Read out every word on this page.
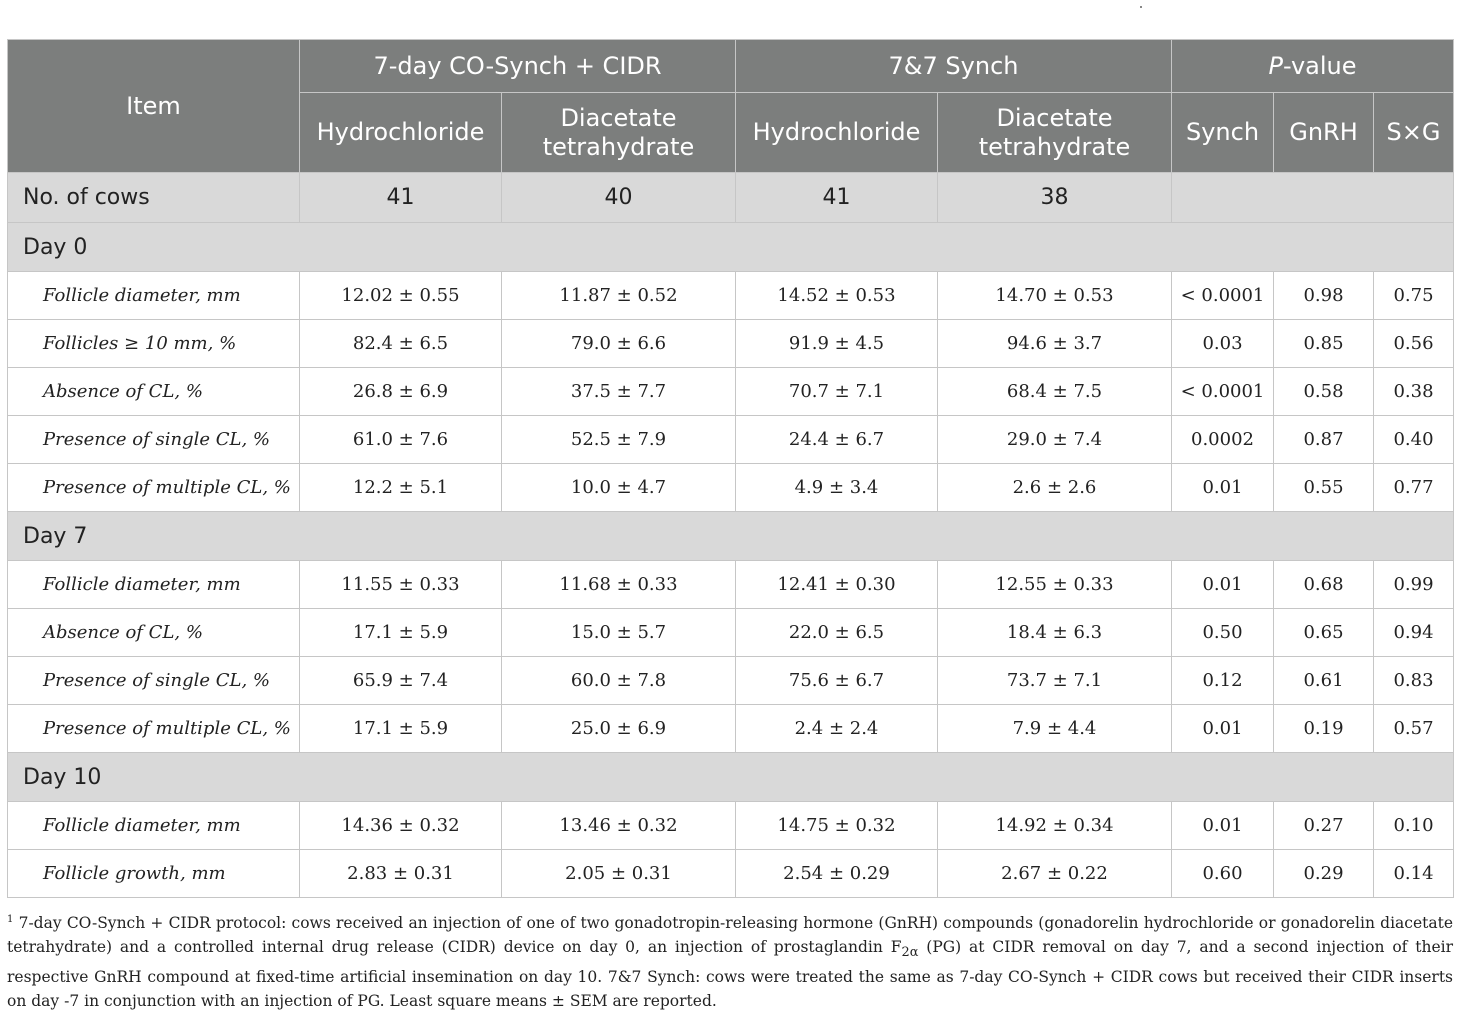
Item	7-day CO-Synch + CIDR		7&7 Synch		P-value		
	Hydrochloride	Diacetate tetrahydrate	Hydrochloride	Diacetate tetrahydrate	Synch	GnRH	S×G
No. of cows	41	40	41	38			
Day 0							
Follicle diameter, mm	12.02 ± 0.55	11.87 ± 0.52	14.52 ± 0.53	14.70 ± 0.53	< 0.0001	0.98	0.75
Follicles ≥ 10 mm, %	82.4 ± 6.5	79.0 ± 6.6	91.9 ± 4.5	94.6 ± 3.7	0.03	0.85	0.56
Absence of CL, %	26.8 ± 6.9	37.5 ± 7.7	70.7 ± 7.1	68.4 ± 7.5	< 0.0001	0.58	0.38
Presence of single CL, %	61.0 ± 7.6	52.5 ± 7.9	24.4 ± 6.7	29.0 ± 7.4	0.0002	0.87	0.40
Presence of multiple CL, %	12.2 ± 5.1	10.0 ± 4.7	4.9 ± 3.4	2.6 ± 2.6	0.01	0.55	0.77
Day 7							
Follicle diameter, mm	11.55 ± 0.33	11.68 ± 0.33	12.41 ± 0.30	12.55 ± 0.33	0.01	0.68	0.99
Absence of CL, %	17.1 ± 5.9	15.0 ± 5.7	22.0 ± 6.5	18.4 ± 6.3	0.50	0.65	0.94
Presence of single CL, %	65.9 ± 7.4	60.0 ± 7.8	75.6 ± 6.7	73.7 ± 7.1	0.12	0.61	0.83
Presence of multiple CL, %	17.1 ± 5.9	25.0 ± 6.9	2.4 ± 2.4	7.9 ± 4.4	0.01	0.19	0.57
Day 10							
Follicle diameter, mm	14.36 ± 0.32	13.46 ± 0.32	14.75 ± 0.32	14.92 ± 0.34	0.01	0.27	0.10
Follicle growth, mm	2.83 ± 0.31	2.05 ± 0.31	2.54 ± 0.29	2.67 ± 0.22	0.60	0.29	0.14
$^1$ 7-day CO-Synch + CIDR protocol: cows received an injection of one of two gonadotropin-releasing hormone (GnRH) compounds (gonadorelin hydrochloride or gonadorelin diacetate tetrahydrate) and a controlled internal drug release (CIDR) device on day 0, an injection of prostaglandin $F_{2\alpha}$ (PG) at CIDR removal on day 7, and a second injection of their respective GnRH compound at fixed-time artificial insemination on day 10. 7&7 Synch: cows were treated the same as 7-day CO-Synch + CIDR cows but received their CIDR inserts on day -7 in conjunction with an injection of PG. Least square means ± SEM are reported.
